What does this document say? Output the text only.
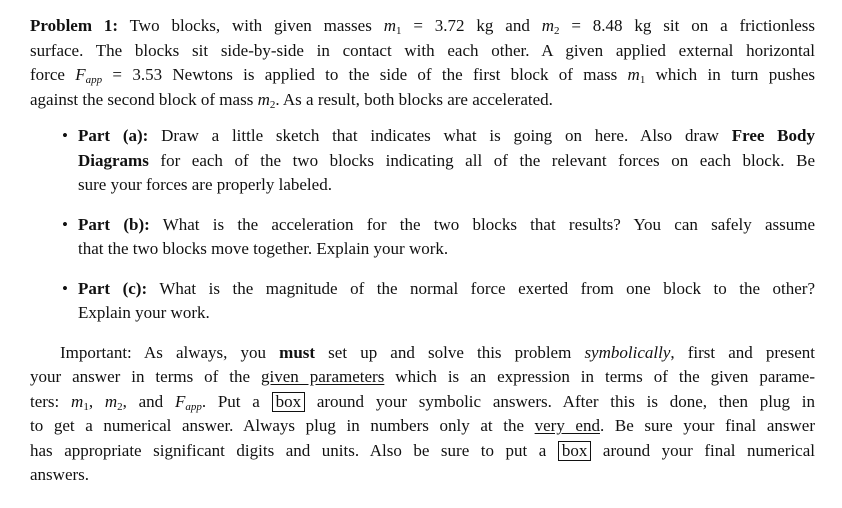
Problem 1: Two blocks, with given masses $m_1 = 3.72$ kg and $m_2 = 8.48$ kg sit on a frictionless
surface. The blocks sit side-by-side in contact with each other. A given applied external horizontal
force $F_{app} = 3.53$ Newtons is applied to the side of the first block of mass $m_1$ which in turn pushes
against the second block of mass $m_2$. As a result, both blocks are accelerated.
• Part (a): Draw a little sketch that indicates what is going on here. Also draw Free Body
Diagrams for each of the two blocks indicating all of the relevant forces on each block. Be
sure your forces are properly labeled.
• Part (b): What is the acceleration for the two blocks that results? You can safely assume
that the two blocks move together. Explain your work.
• Part (c): What is the magnitude of the normal force exerted from one block to the other?
Explain your work.
Important: As always, you must set up and solve this problem symbolically, first and present
your answer in terms of the given parameters which is an expression in terms of the given parame-
ters: $m_1$, $m_2$, and $F_{app}$. Put a box around your symbolic answers. After this is done, then plug in
to get a numerical answer. Always plug in numbers only at the very end. Be sure your final answer
has appropriate significant digits and units. Also be sure to put a box around your final numerical
answers.
